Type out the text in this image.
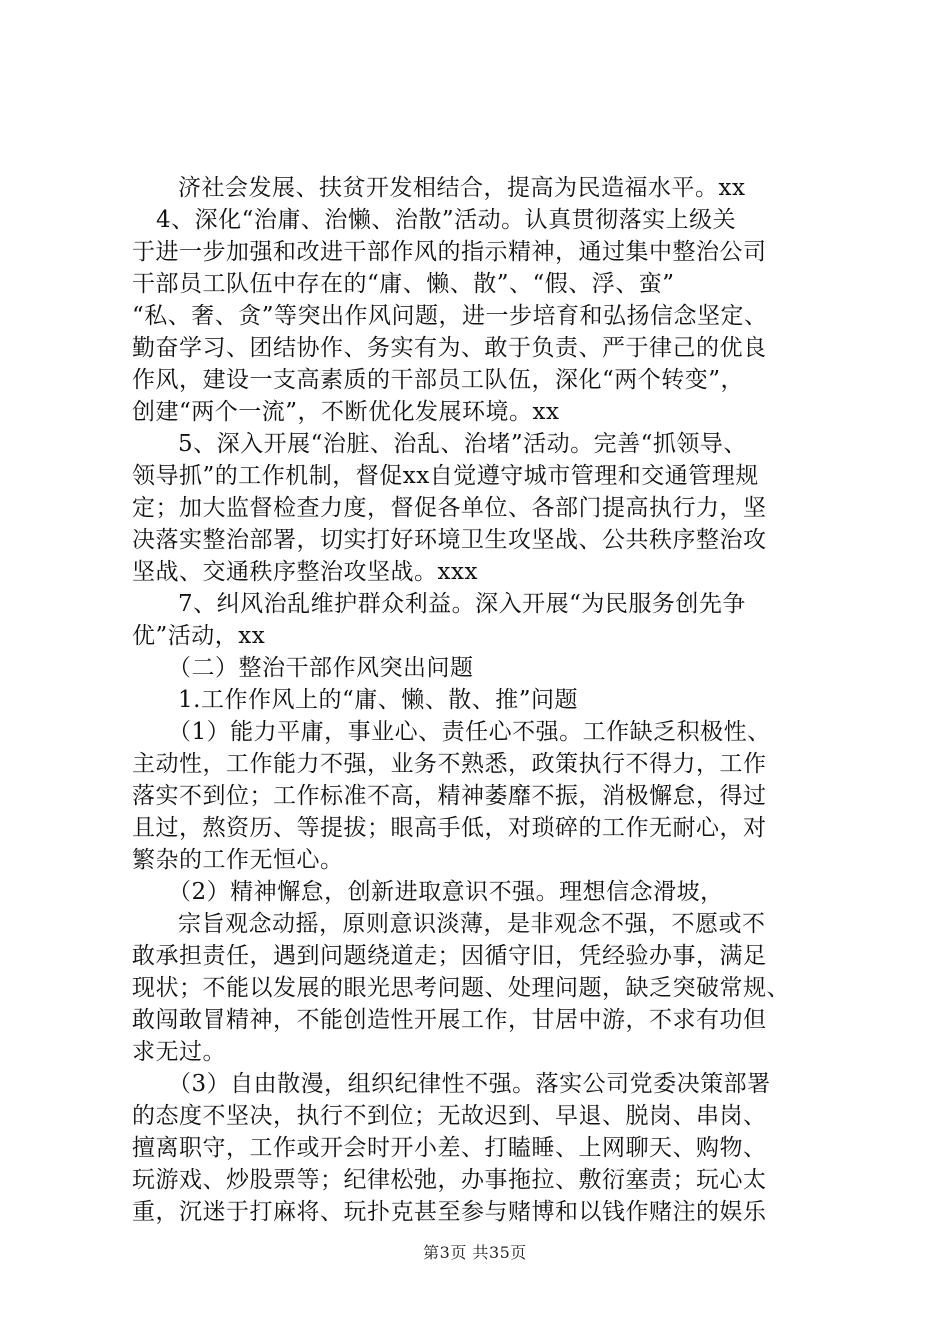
济社会发展、扶贫开发相结合，提高为民造福水平。xx
4、深化“治庸、治懒、治散”活动。认真贯彻落实上级关
于进一步加强和改进干部作风的指示精神，通过集中整治公司
干部员工队伍中存在的“庸、懒、散”、“假、浮、蛮”
“私、奢、贪”等突出作风问题，进一步培育和弘扬信念坚定、
勤奋学习、团结协作、务实有为、敢于负责、严于律己的优良
作风，建设一支高素质的干部员工队伍，深化“两个转变”，
创建“两个一流”，不断优化发展环境。xx
5、深入开展“治脏、治乱、治堵”活动。完善“抓领导、
领导抓”的工作机制，督促xx自觉遵守城市管理和交通管理规
定；加大监督检查力度，督促各单位、各部门提高执行力，坚
决落实整治部署，切实打好环境卫生攻坚战、公共秩序整治攻
坚战、交通秩序整治攻坚战。xxx
7、纠风治乱维护群众利益。深入开展“为民服务创先争
优”活动，xx
（二）整治干部作风突出问题
1.工作作风上的“庸、懒、散、推”问题
（1）能力平庸，事业心、责任心不强。工作缺乏积极性、
主动性，工作能力不强，业务不熟悉，政策执行不得力，工作
落实不到位；工作标准不高，精神萎靡不振，消极懈怠，得过
且过，熬资历、等提拔；眼高手低，对琐碎的工作无耐心，对
繁杂的工作无恒心。
（2）精神懈怠，创新进取意识不强。理想信念滑坡，
宗旨观念动摇，原则意识淡薄，是非观念不强，不愿或不
敢承担责任，遇到问题绕道走；因循守旧，凭经验办事，满足
现状；不能以发展的眼光思考问题、处理问题，缺乏突破常规、
敢闯敢冒精神，不能创造性开展工作，甘居中游，不求有功但
求无过。
（3）自由散漫，组织纪律性不强。落实公司党委决策部署
的态度不坚决，执行不到位；无故迟到、早退、脱岗、串岗、
擅离职守，工作或开会时开小差、打瞌睡、上网聊天、购物、
玩游戏、炒股票等；纪律松弛，办事拖拉、敷衍塞责；玩心太
重，沉迷于打麻将、玩扑克甚至参与赌博和以钱作赌注的娱乐
第3页 共35页
